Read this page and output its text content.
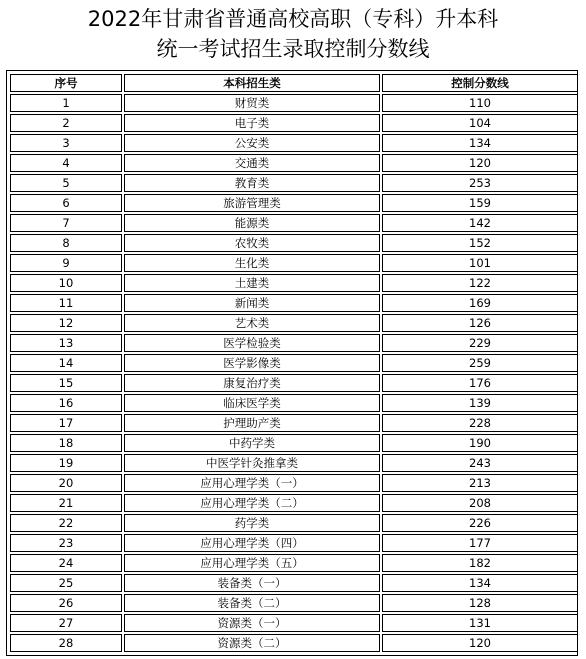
2022年甘肃省普通高校高职（专科）升本科
统一考试招生录取控制分数线
序号	本科招生类	控制分数线
1	财贸类	110
2	电子类	104
3	公安类	134
4	交通类	120
5	教育类	253
6	旅游管理类	159
7	能源类	142
8	农牧类	152
9	生化类	101
10	土建类	122
11	新闻类	169
12	艺术类	126
13	医学检验类	229
14	医学影像类	259
15	康复治疗类	176
16	临床医学类	139
17	护理助产类	228
18	中药学类	190
19	中医学针灸推拿类	243
20	应用心理学类（一）	213
21	应用心理学类（二）	208
22	药学类	226
23	应用心理学类（四）	177
24	应用心理学类（五）	182
25	装备类（一）	134
26	装备类（二）	128
27	资源类（一）	131
28	资源类（二）	120
